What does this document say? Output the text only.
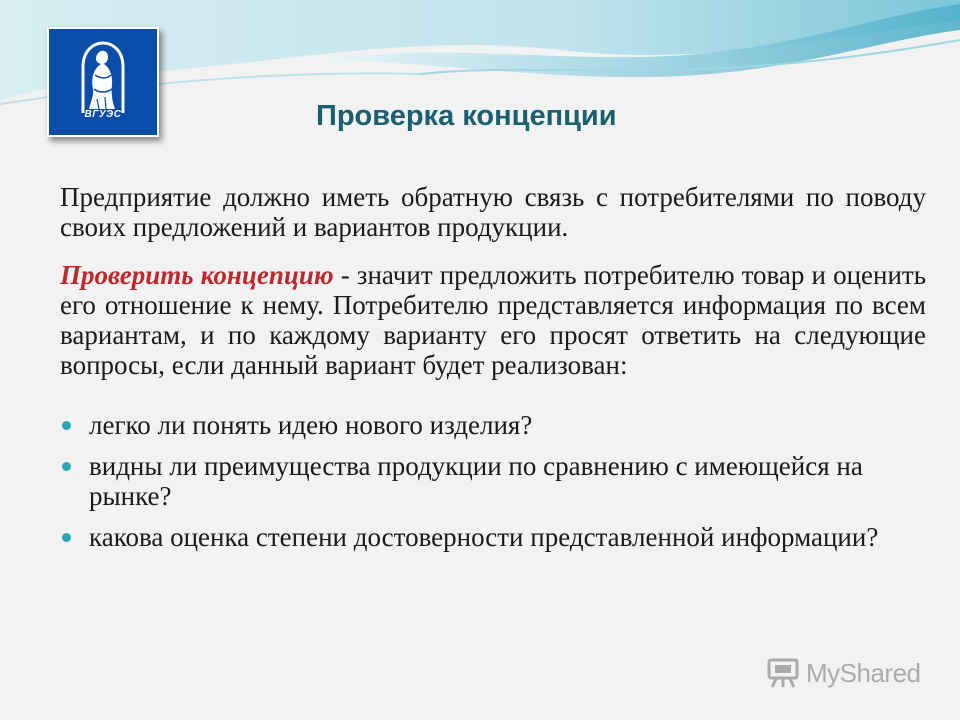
ВГУЭС	Проверка концепции

Предприятие должно иметь обратную связь с потребителями по поводу своих предложений и вариантов продукции.

Проверить концепцию - значит предложить потребителю товар и оценить его отношение к нему. Потребителю представляется информация по всем вариантам, и по каждому варианту его просят ответить на следующие вопросы, если данный вариант будет реализован:

легко ли понять идею нового изделия?
видны ли преимущества продукции по сравнению с имеющейся на рынке?
какова оценка степени достоверности представленной информации?
MyShared
